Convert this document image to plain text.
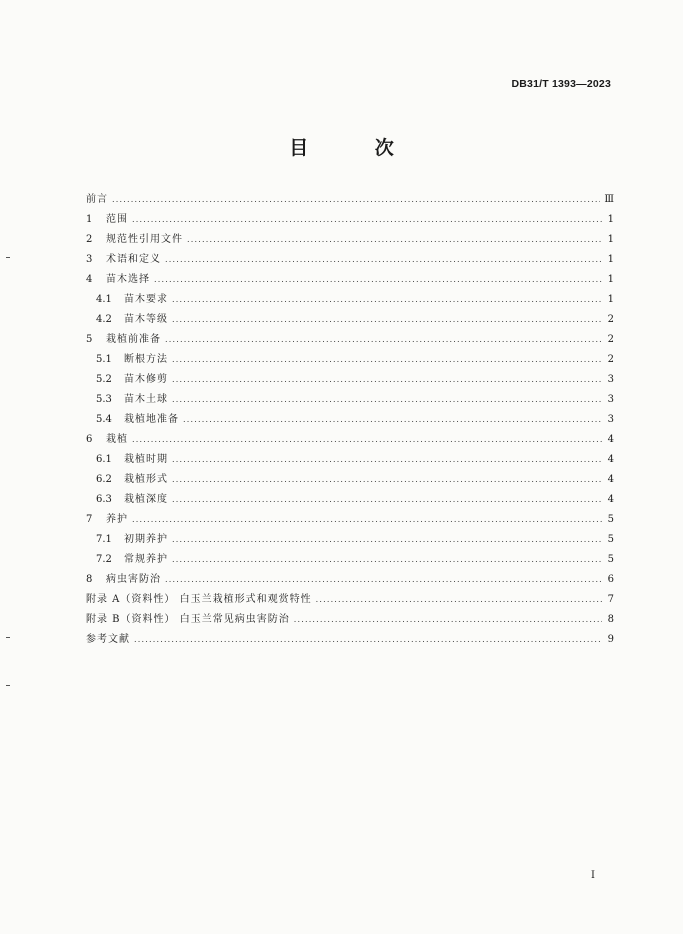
DB31/T 1393—2023
目 次
前言 .....	Ⅲ
1	范围 .....	1
2	规范性引用文件 .....	1
3	术语和定义 .....	1
4	苗木选择 .....	1
4.1	苗木要求 .....	1
4.2	苗木等级 .....	2
5	栽植前准备 .....	2
5.1	断根方法 .....	2
5.2	苗木修剪 .....	3
5.3	苗木土球 .....	3
5.4	栽植地准备 .....	3
6	栽植 .....	4
6.1	栽植时期 .....	4
6.2	栽植形式 .....	4
6.3	栽植深度 .....	4
7	养护 .....	5
7.1	初期养护 .....	5
7.2	常规养护 .....	5
8	病虫害防治 .....	6
附录 A（资料性） 白玉兰栽植形式和观赏特性 .....	7
附录 B（资料性） 白玉兰常见病虫害防治 .....	8
参考文献 .....	9
I
